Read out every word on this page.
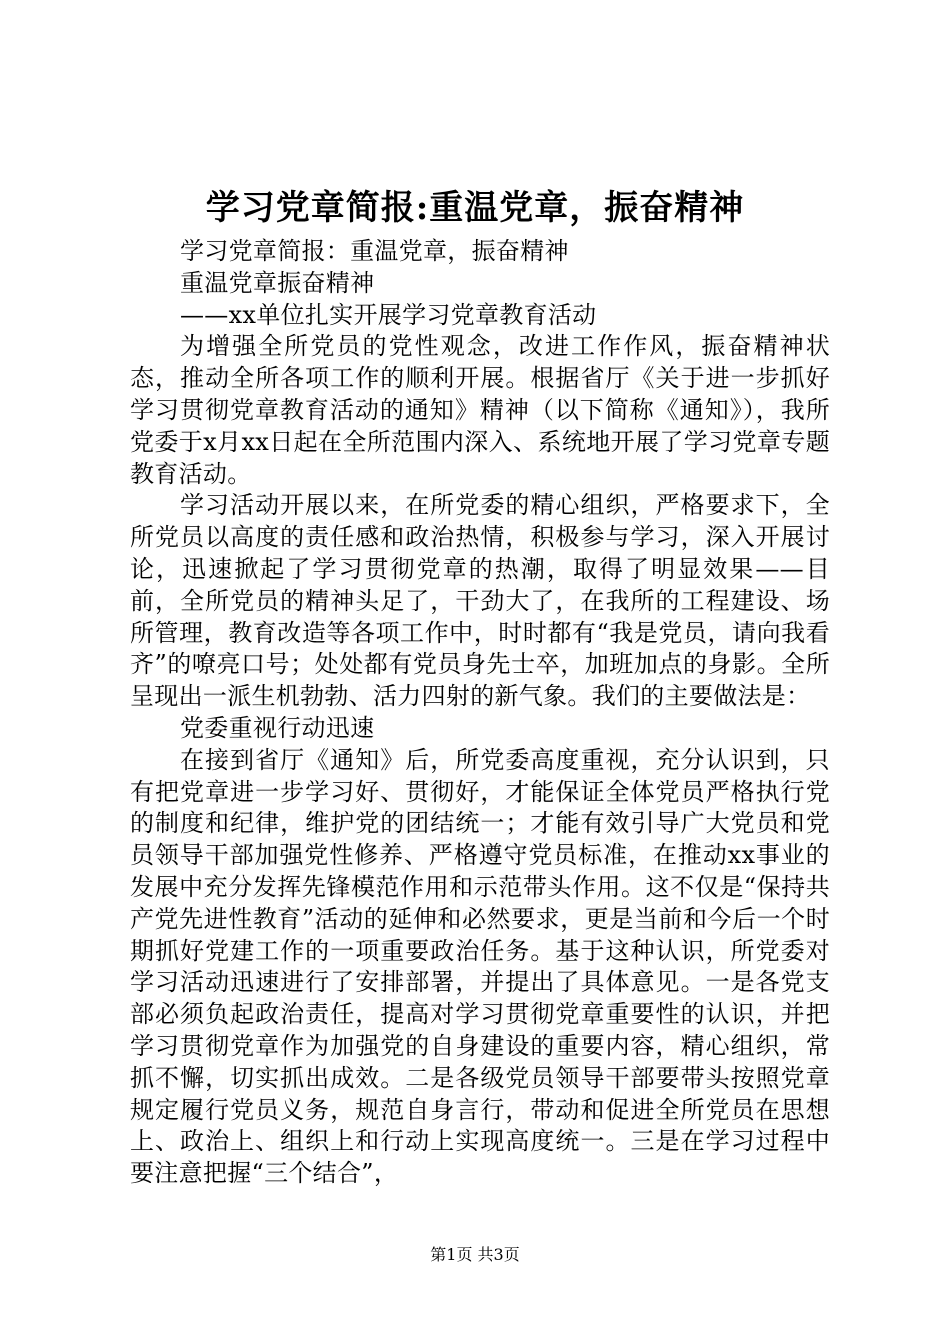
学习党章简报:重温党章，振奋精神

学习党章简报：重温党章，振奋精神

重温党章振奋精神

——xx单位扎实开展学习党章教育活动

为增强全所党员的党性观念，改进工作作风，振奋精神状态，推动全所各项工作的顺利开展。根据省厅《关于进一步抓好学习贯彻党章教育活动的通知》精神（以下简称《通知》），我所党委于x月xx日起在全所范围内深入、系统地开展了学习党章专题教育活动。

学习活动开展以来，在所党委的精心组织，严格要求下，全所党员以高度的责任感和政治热情，积极参与学习，深入开展讨论，迅速掀起了学习贯彻党章的热潮，取得了明显效果——目前，全所党员的精神头足了，干劲大了，在我所的工程建设、场所管理，教育改造等各项工作中，时时都有“我是党员，请向我看齐”的嘹亮口号；处处都有党员身先士卒，加班加点的身影。全所呈现出一派生机勃勃、活力四射的新气象。我们的主要做法是：

党委重视行动迅速

在接到省厅《通知》后，所党委高度重视，充分认识到，只有把党章进一步学习好、贯彻好，才能保证全体党员严格执行党的制度和纪律，维护党的团结统一；才能有效引导广大党员和党员领导干部加强党性修养、严格遵守党员标准，在推动xx事业的发展中充分发挥先锋模范作用和示范带头作用。这不仅是“保持共产党先进性教育”活动的延伸和必然要求，更是当前和今后一个时期抓好党建工作的一项重要政治任务。基于这种认识，所党委对学习活动迅速进行了安排部署，并提出了具体意见。一是各党支部必须负起政治责任，提高对学习贯彻党章重要性的认识，并把学习贯彻党章作为加强党的自身建设的重要内容，精心组织，常抓不懈，切实抓出成效。二是各级党员领导干部要带头按照党章规定履行党员义务，规范自身言行，带动和促进全所党员在思想上、政治上、组织上和行动上实现高度统一。三是在学习过程中要注意把握“三个结合”，

第1页 共3页
